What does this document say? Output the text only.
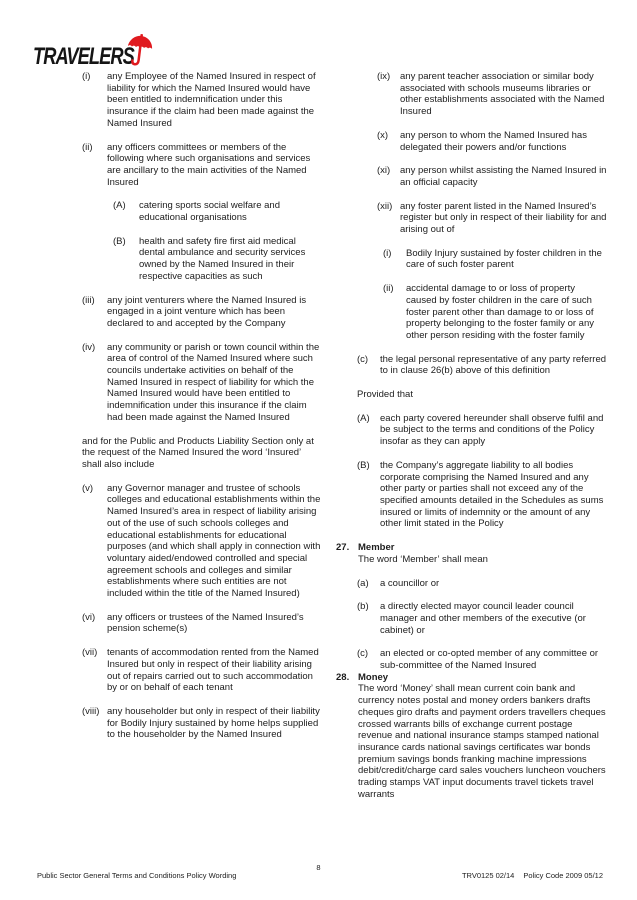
TRAVELERS
(i)	any Employee of the Named Insured in respect of liability for which the Named Insured would have been entitled to indemnification under this insurance if the claim had been made against the Named Insured
(ii)	any officers committees or members of the following where such organisations and services are ancillary to the main activities of the Named Insured
(A)	catering sports social welfare and educational organisations
(B)	health and safety fire first aid medical dental ambulance and security services owned by the Named Insured in their respective capacities as such
(iii)	any joint venturers where the Named Insured is engaged in a joint venture which has been declared to and accepted by the Company
(iv)	any community or parish or town council within the area of control of the Named Insured where such councils undertake activities on behalf of the Named Insured in respect of liability for which the Named Insured would have been entitled to indemnification under this insurance if the claim had been made against the Named Insured
and for the Public and Products Liability Section only at the request of the Named Insured the word ‘Insured’ shall also include
(v)	any Governor manager and trustee of schools colleges and educational establishments within the Named Insured’s area in respect of liability arising out of the use of such schools colleges and educational establishments for educational purposes (and which shall apply in connection with voluntary aided/endowed controlled and special agreement schools and colleges and similar establishments where such entities are not included within the title of the Named Insured)
(vi)	any officers or trustees of the Named Insured’s pension scheme(s)
(vii)	tenants of accommodation rented from the Named Insured but only in respect of their liability arising out of repairs carried out to such accommodation by or on behalf of each tenant
(viii) any householder but only in respect of their liability for Bodily Injury sustained by home helps supplied to the householder by the Named Insured
(ix)	any parent teacher association or similar body associated with schools museums libraries or other establishments associated with the Named Insured
(x)	any person to whom the Named Insured has delegated their powers and/or functions
(xi)	any person whilst assisting the Named Insured in an official capacity
(xii) any foster parent listed in the Named Insured’s register but only in respect of their liability for and arising out of
(i)	Bodily Injury sustained by foster children in the care of such foster parent
(ii)	accidental damage to or loss of property caused by foster children in the care of such foster parent other than damage to or loss of property belonging to the foster family or any other person residing with the foster family
(c)	the legal personal representative of any party referred to in clause 26(b) above of this definition
Provided that
(A)	each party covered hereunder shall observe fulfil and be subject to the terms and conditions of the Policy insofar as they can apply
(B)	the Company’s aggregate liability to all bodies corporate comprising the Named Insured and any other party or parties shall not exceed any of the specified amounts detailed in the Schedules as sums insured or limits of indemnity or the amount of any other limit stated in the Policy
27. Member
The word ‘Member’ shall mean
(a)	a councillor or
(b)	a directly elected mayor council leader council manager and other members of the executive (or cabinet) or
(c)	an elected or co-opted member of any committee or sub-committee of the Named Insured
28. Money
The word ‘Money’ shall mean current coin bank and currency notes postal and money orders bankers drafts cheques giro drafts and payment orders travellers cheques crossed warrants bills of exchange current postage revenue and national insurance stamps stamped national insurance cards national savings certificates war bonds premium savings bonds franking machine impressions debit/credit/charge card sales vouchers luncheon vouchers trading stamps VAT input documents travel tickets travel warrants
Public Sector General Terms and Conditions Policy Wording
8
TRV0125 02/14 Policy Code 2009 05/12
